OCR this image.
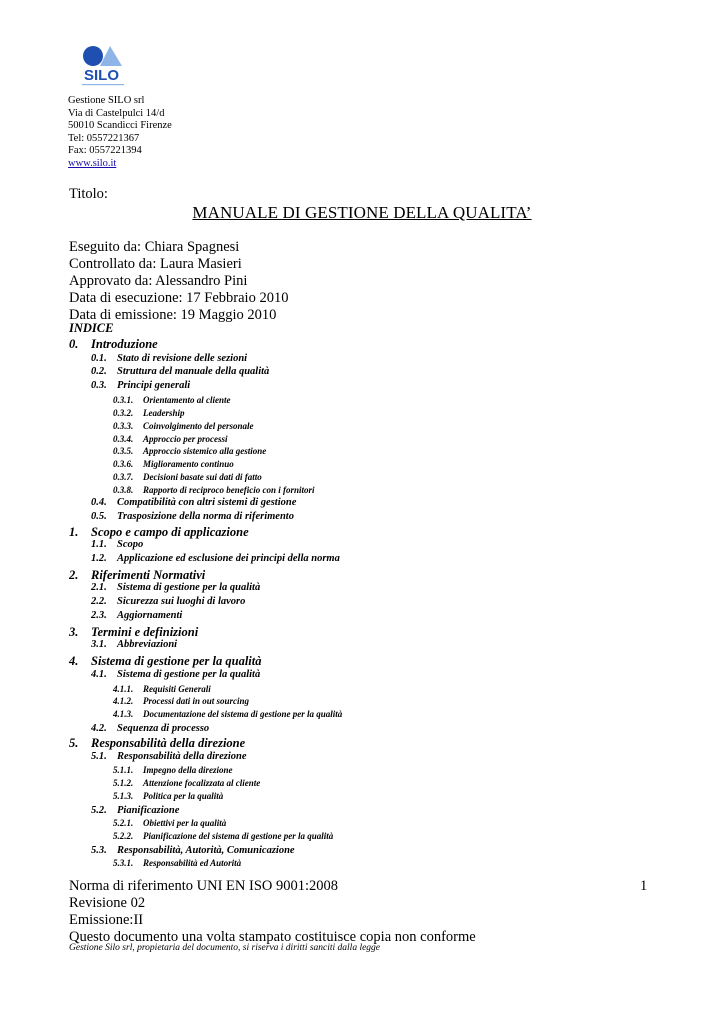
SILO
Gestione SILO srl
Via di Castelpulci 14/d
50010 Scandicci Firenze
Tel: 0557221367
Fax: 0557221394
www.silo.it
Titolo:
MANUALE DI GESTIONE DELLA QUALITA’
Eseguito da: Chiara Spagnesi
Controllato da: Laura Masieri
Approvato da: Alessandro Pini
Data di esecuzione: 17 Febbraio 2010
Data di emissione: 19 Maggio 2010
INDICE
0. Introduzione
0.1. Stato di revisione delle sezioni
0.2. Struttura del manuale della qualità
0.3. Principi generali
0.3.1. Orientamento al cliente
0.3.2. Leadership
0.3.3. Coinvolgimento del personale
0.3.4. Approccio per processi
0.3.5. Approccio sistemico alla gestione
0.3.6. Miglioramento continuo
0.3.7. Decisioni basate sui dati di fatto
0.3.8. Rapporto di reciproco beneficio con i fornitori
0.4. Compatibilità con altri sistemi di gestione
0.5. Trasposizione della norma di riferimento
1. Scopo e campo di applicazione
1.1. Scopo
1.2. Applicazione ed esclusione dei principi della norma
2. Riferimenti Normativi
2.1. Sistema di gestione per la qualità
2.2. Sicurezza sui luoghi di lavoro
2.3. Aggiornamenti
3. Termini e definizioni
3.1. Abbreviazioni
4. Sistema di gestione per la qualità
4.1. Sistema di gestione per la qualità
4.1.1. Requisiti Generali
4.1.2. Processi dati in out sourcing
4.1.3. Documentazione del sistema di gestione per la qualità
4.2. Sequenza di processo
5. Responsabilità della direzione
5.1. Responsabilità della direzione
5.1.1. Impegno della direzione
5.1.2. Attenzione focalizzata al cliente
5.1.3. Politica per la qualità
5.2. Pianificazione
5.2.1. Obiettivi per la qualità
5.2.2. Pianificazione del sistema di gestione per la qualità
5.3. Responsabilità, Autorità, Comunicazione
5.3.1. Responsabilità ed Autorità
Norma di riferimento UNI EN ISO 9001:2008
Revisione 02
Emissione:II
Questo documento una volta stampato costituisce copia non conforme
1
Gestione Silo srl, propietaria del documento, si riserva i diritti sanciti dalla legge
